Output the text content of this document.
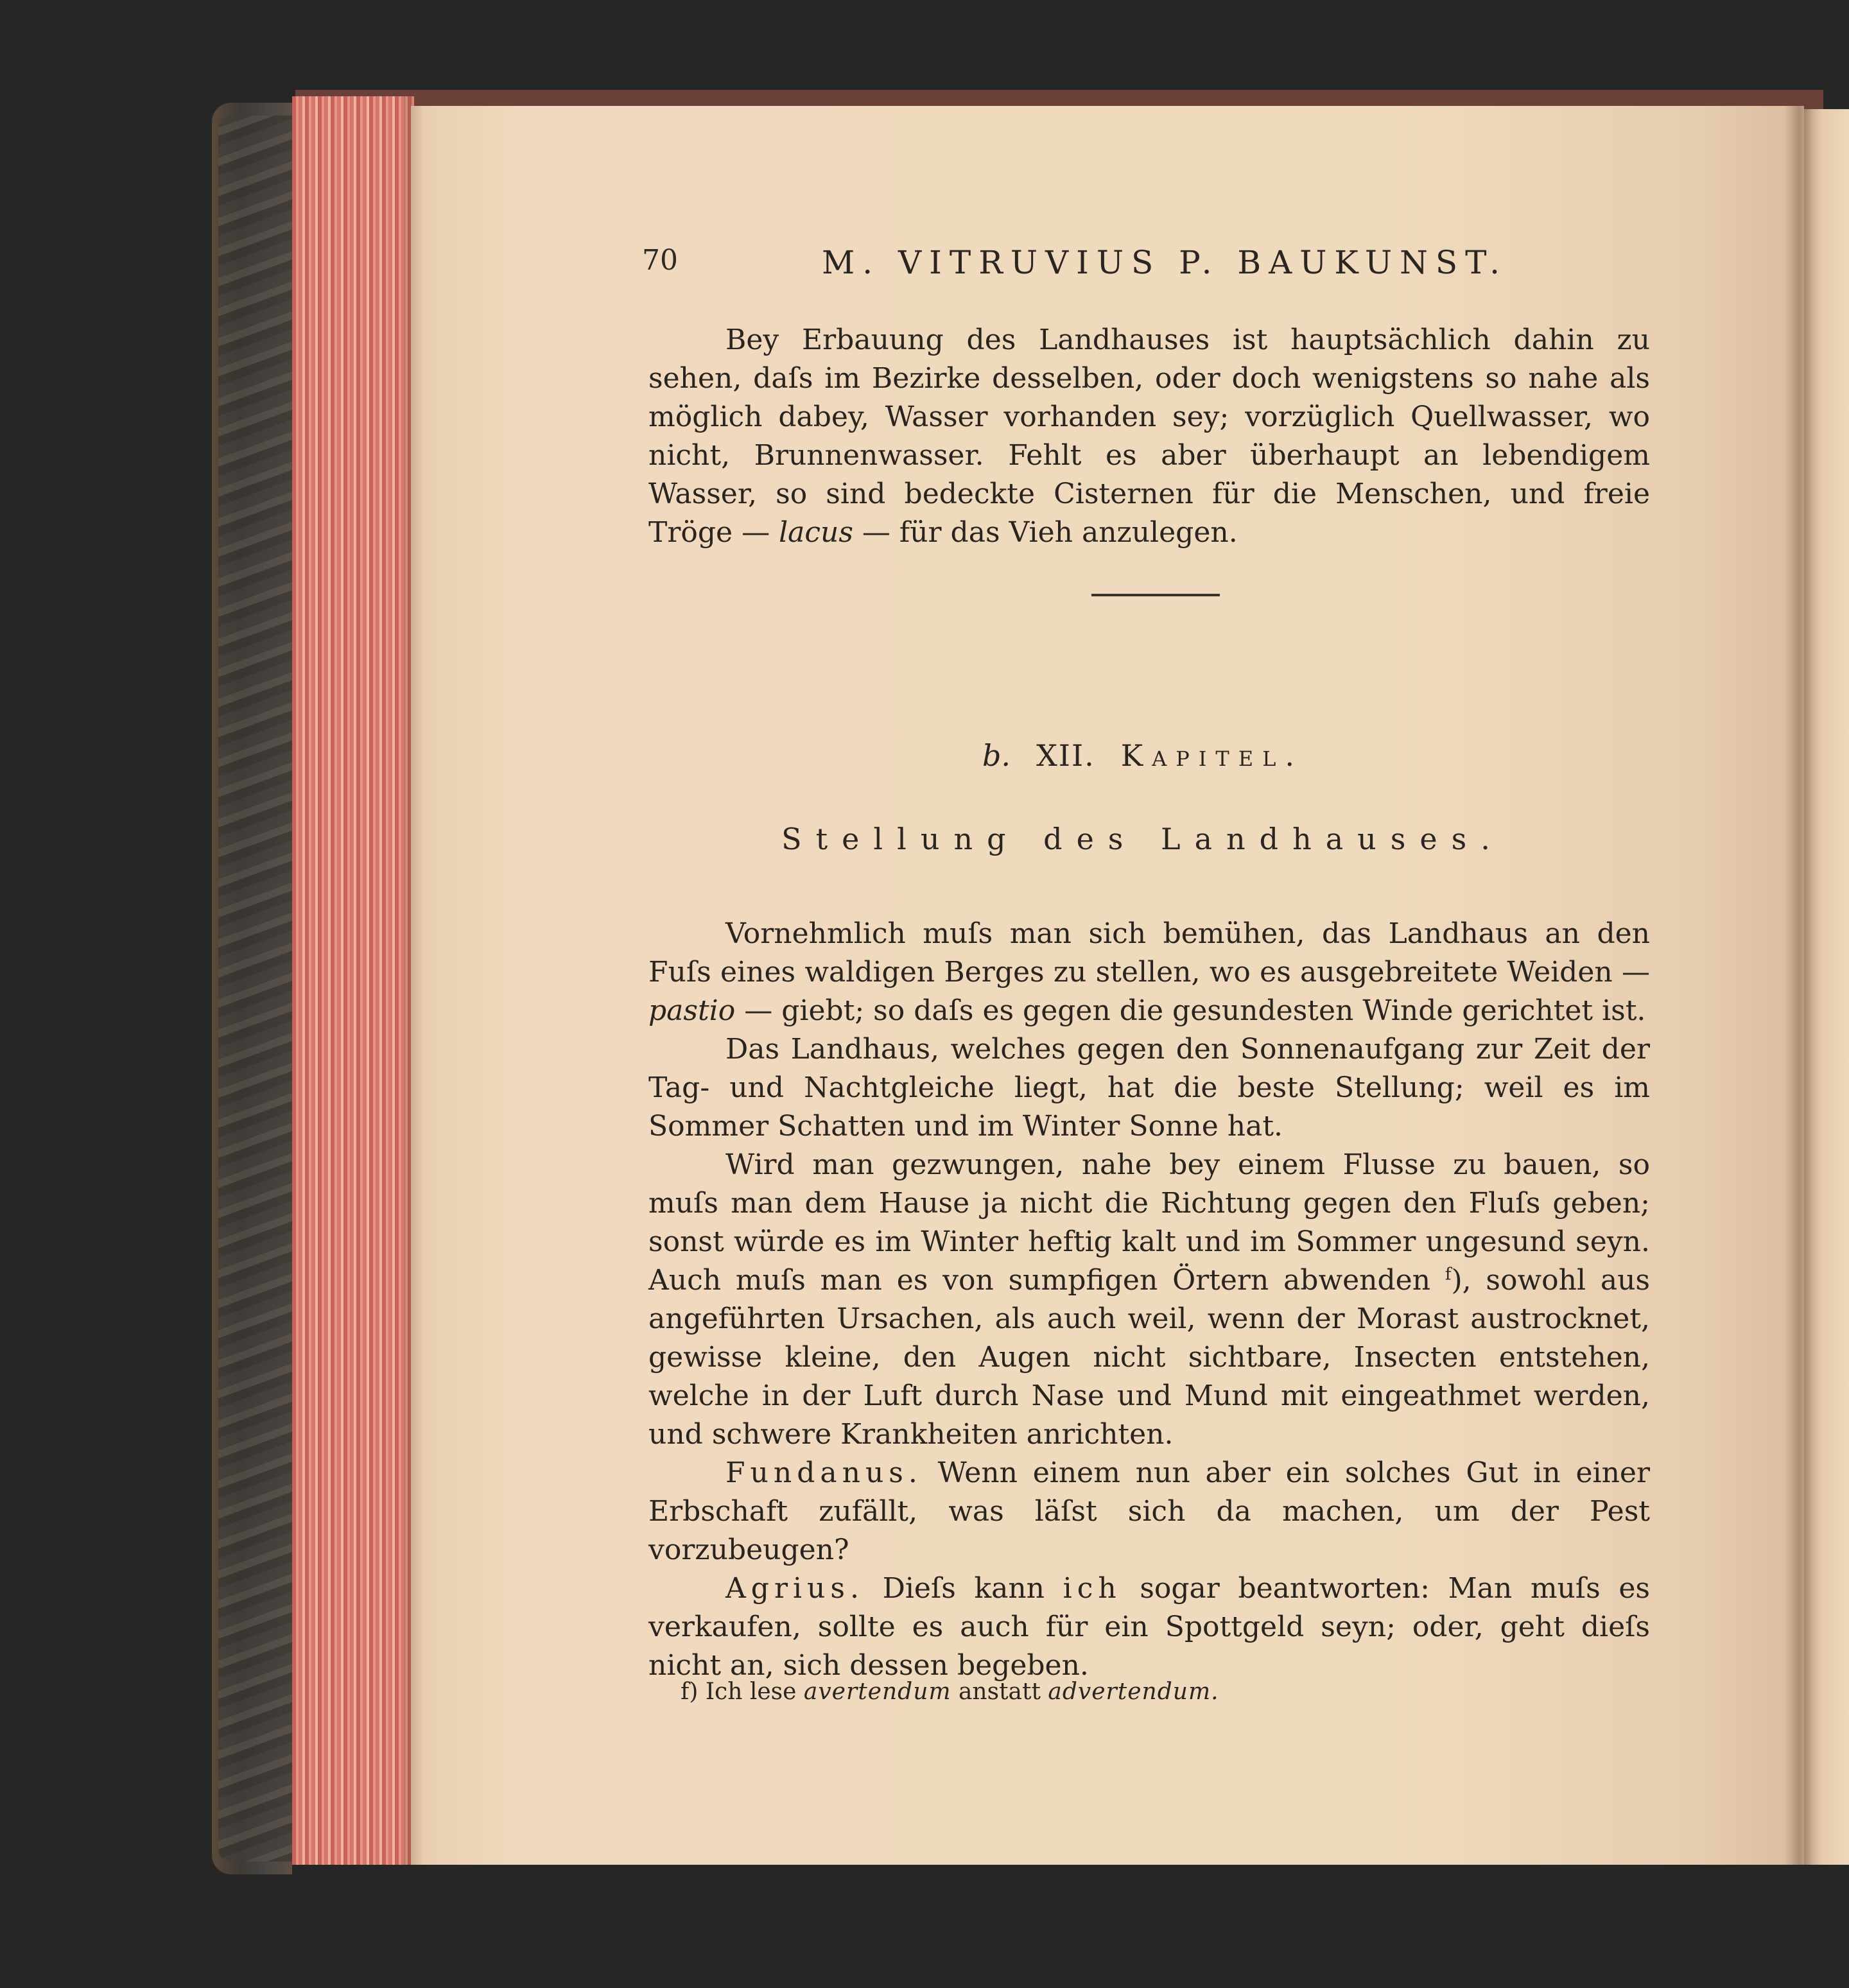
70	M. VITRUVIUS P. BAUKUNST.

Bey Erbauung des Landhauses ist hauptsächlich dahin zu sehen, daſs im Bezirke desselben, oder doch wenigstens so nahe als möglich dabey, Wasser vorhanden sey; vorzüglich Quellwasser, wo nicht, Brunnenwasser. Fehlt es aber überhaupt an lebendigem Wasser, so sind bedeckte Cisternen für die Menschen, und freie Tröge — lacus — für das Vieh anzulegen.

b. XII. Kapitel.
Stellung des Landhauses.

Vornehmlich muſs man sich bemühen, das Landhaus an den Fuſs eines waldigen Berges zu stellen, wo es ausgebreitete Weiden — pastio — giebt; so daſs es gegen die gesundesten Winde gerichtet ist.

Das Landhaus, welches gegen den Sonnenaufgang zur Zeit der Tag- und Nachtgleiche liegt, hat die beste Stellung; weil es im Sommer Schatten und im Winter Sonne hat.

Wird man gezwungen, nahe bey einem Flusse zu bauen, so muſs man dem Hause ja nicht die Richtung gegen den Fluſs geben; sonst würde es im Winter heftig kalt und im Sommer ungesund seyn. Auch muſs man es von sumpfigen Örtern abwenden $^f$), sowohl aus angeführten Ursachen, als auch weil, wenn der Morast austrocknet, gewisse kleine, den Augen nicht sichtbare, Insecten entstehen, welche in der Luft durch Nase und Mund mit eingeathmet werden, und schwere Krankheiten anrichten.

Fundanus. Wenn einem nun aber ein solches Gut in einer Erbschaft zufällt, was läſst sich da machen, um der Pest vorzubeugen?

Agrius. Dieſs kann ich sogar beantworten: Man muſs es verkaufen, sollte es auch für ein Spottgeld seyn; oder, geht dieſs nicht an, sich dessen begeben.

f) Ich lese avertendum anstatt advertendum.
